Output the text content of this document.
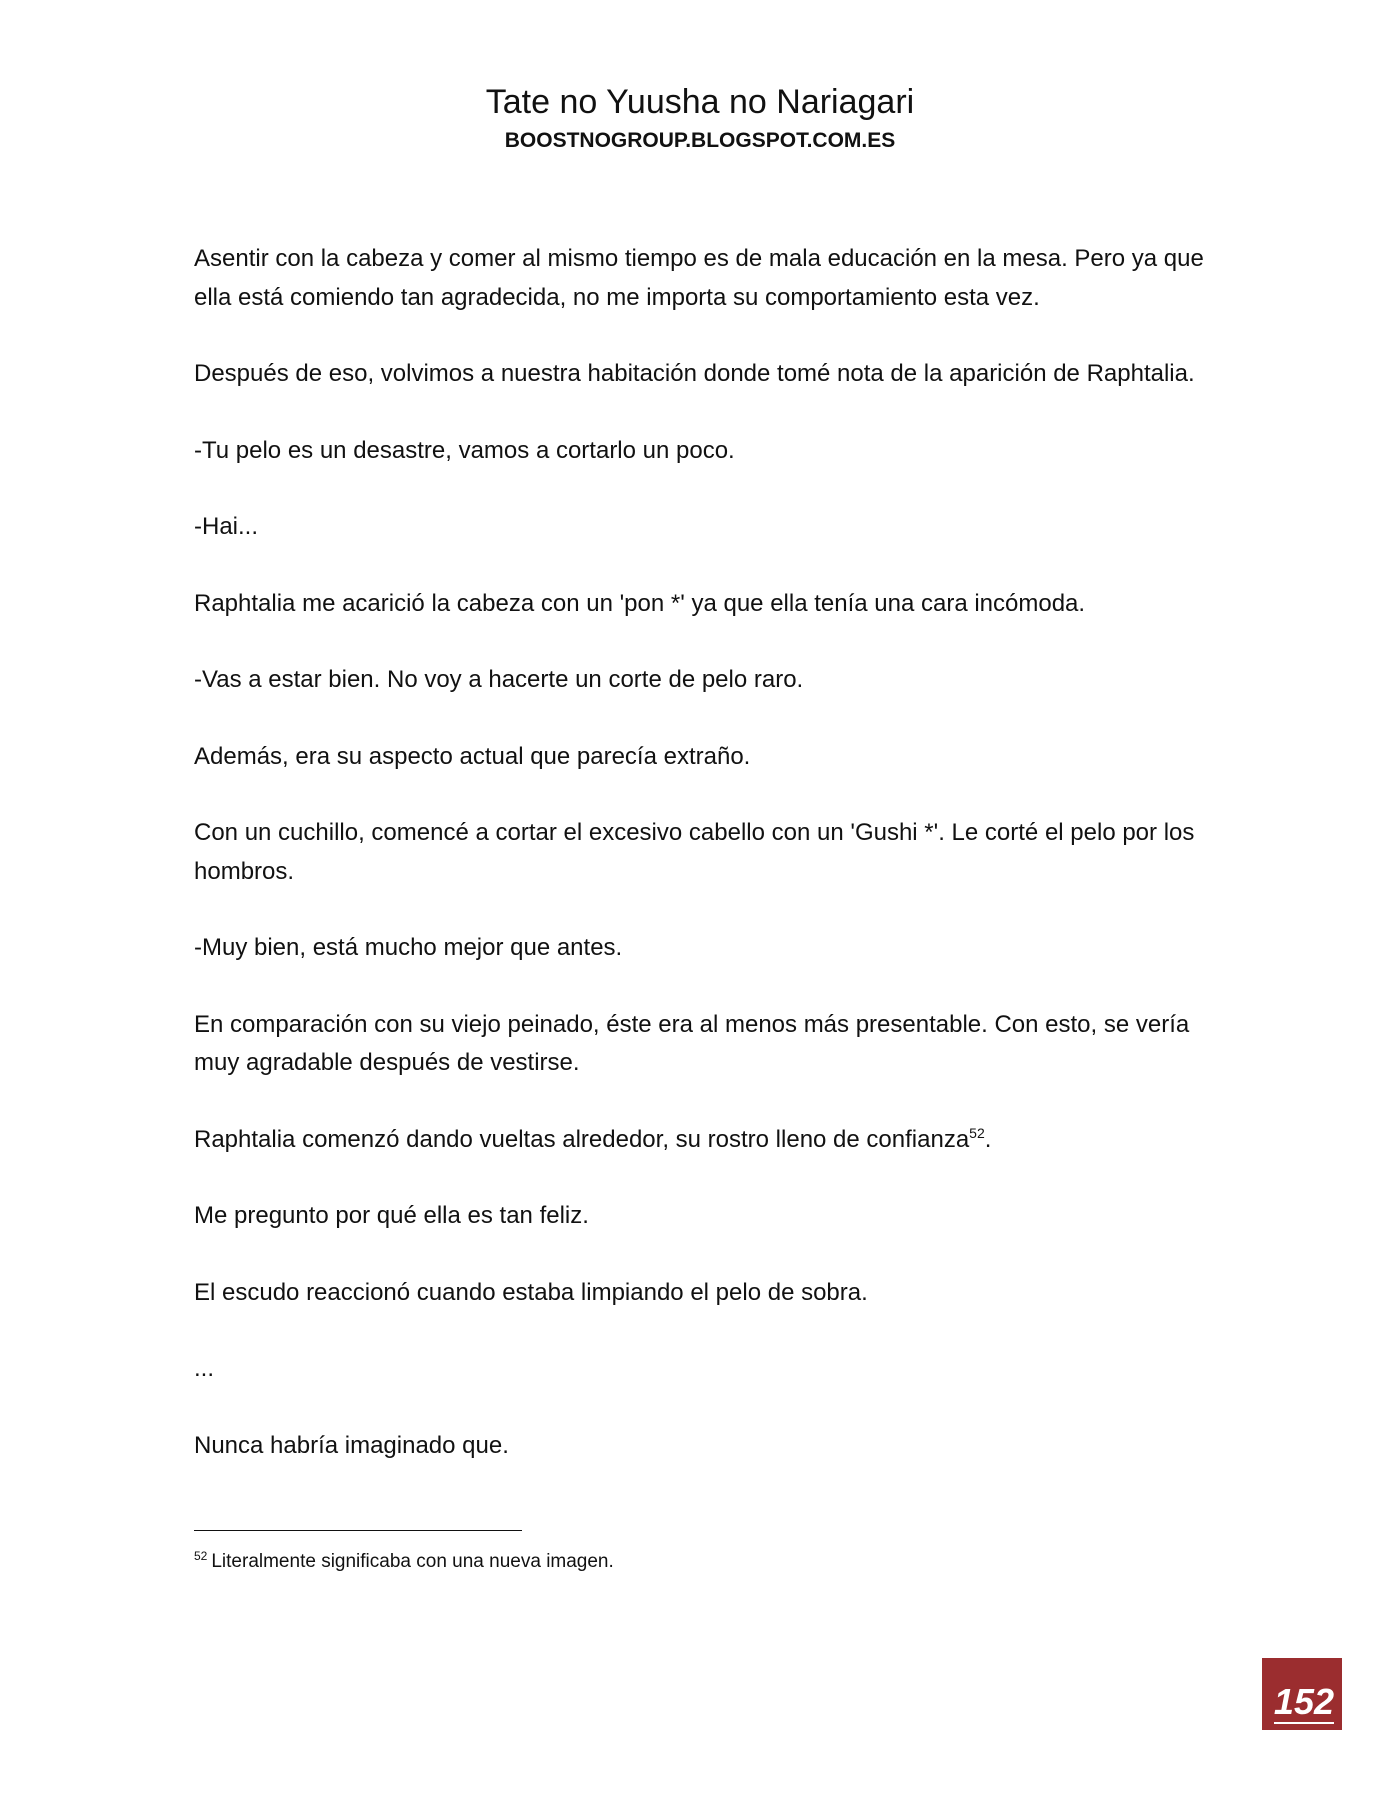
Tate no Yuusha no Nariagari

BOOSTNOGROUP.BLOGSPOT.COM.ES

Asentir con la cabeza y comer al mismo tiempo es de mala educación en la mesa. Pero ya que ella está comiendo tan agradecida, no me importa su comportamiento esta vez.

Después de eso, volvimos a nuestra habitación donde tomé nota de la aparición de Raphtalia.

-Tu pelo es un desastre, vamos a cortarlo un poco.

-Hai...

Raphtalia me acarició la cabeza con un 'pon *' ya que ella tenía una cara incómoda.

-Vas a estar bien. No voy a hacerte un corte de pelo raro.

Además, era su aspecto actual que parecía extraño.

Con un cuchillo, comencé a cortar el excesivo cabello con un 'Gushi *'. Le corté el pelo por los hombros.

-Muy bien, está mucho mejor que antes.

En comparación con su viejo peinado, éste era al menos más presentable. Con esto, se vería muy agradable después de vestirse.

Raphtalia comenzó dando vueltas alrededor, su rostro lleno de confianza$^{52}$.

Me pregunto por qué ella es tan feliz.

El escudo reaccionó cuando estaba limpiando el pelo de sobra.

...

Nunca habría imaginado que.

$^{52}$ Literalmente significaba con una nueva imagen.
152
